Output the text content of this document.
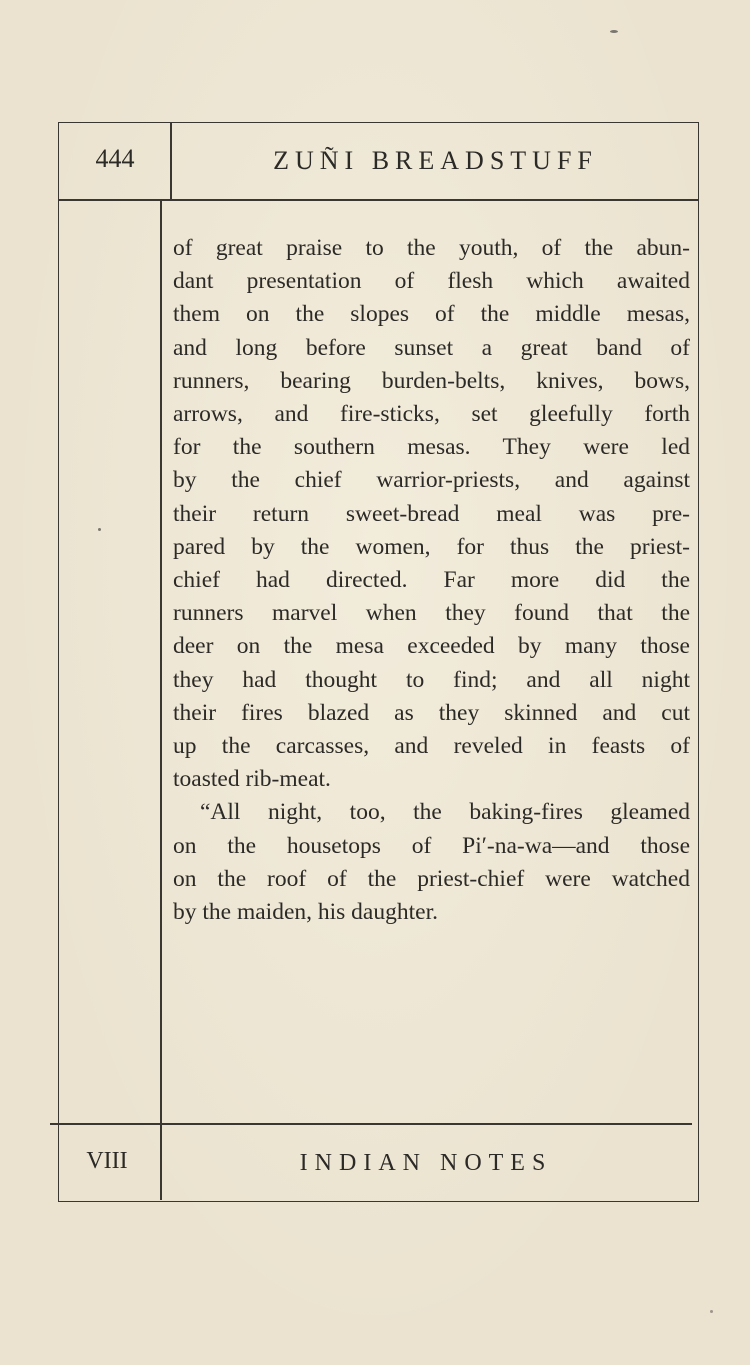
444	ZUÑI BREADSTUFF
of great praise to the youth, of the abun-
dant presentation of flesh which awaited
them on the slopes of the middle mesas,
and long before sunset a great band of
runners, bearing burden-belts, knives, bows,
arrows, and fire-sticks, set gleefully forth
for the southern mesas. They were led
by the chief warrior-priests, and against
their return sweet-bread meal was pre-
pared by the women, for thus the priest-
chief had directed. Far more did the
runners marvel when they found that the
deer on the mesa exceeded by many those
they had thought to find; and all night
their fires blazed as they skinned and cut
up the carcasses, and reveled in feasts of
toasted rib-meat.
“All night, too, the baking-fires gleamed
on the housetops of Pi′-na-wa—and those
on the roof of the priest-chief were watched
by the maiden, his daughter.
VIII	INDIAN NOTES
